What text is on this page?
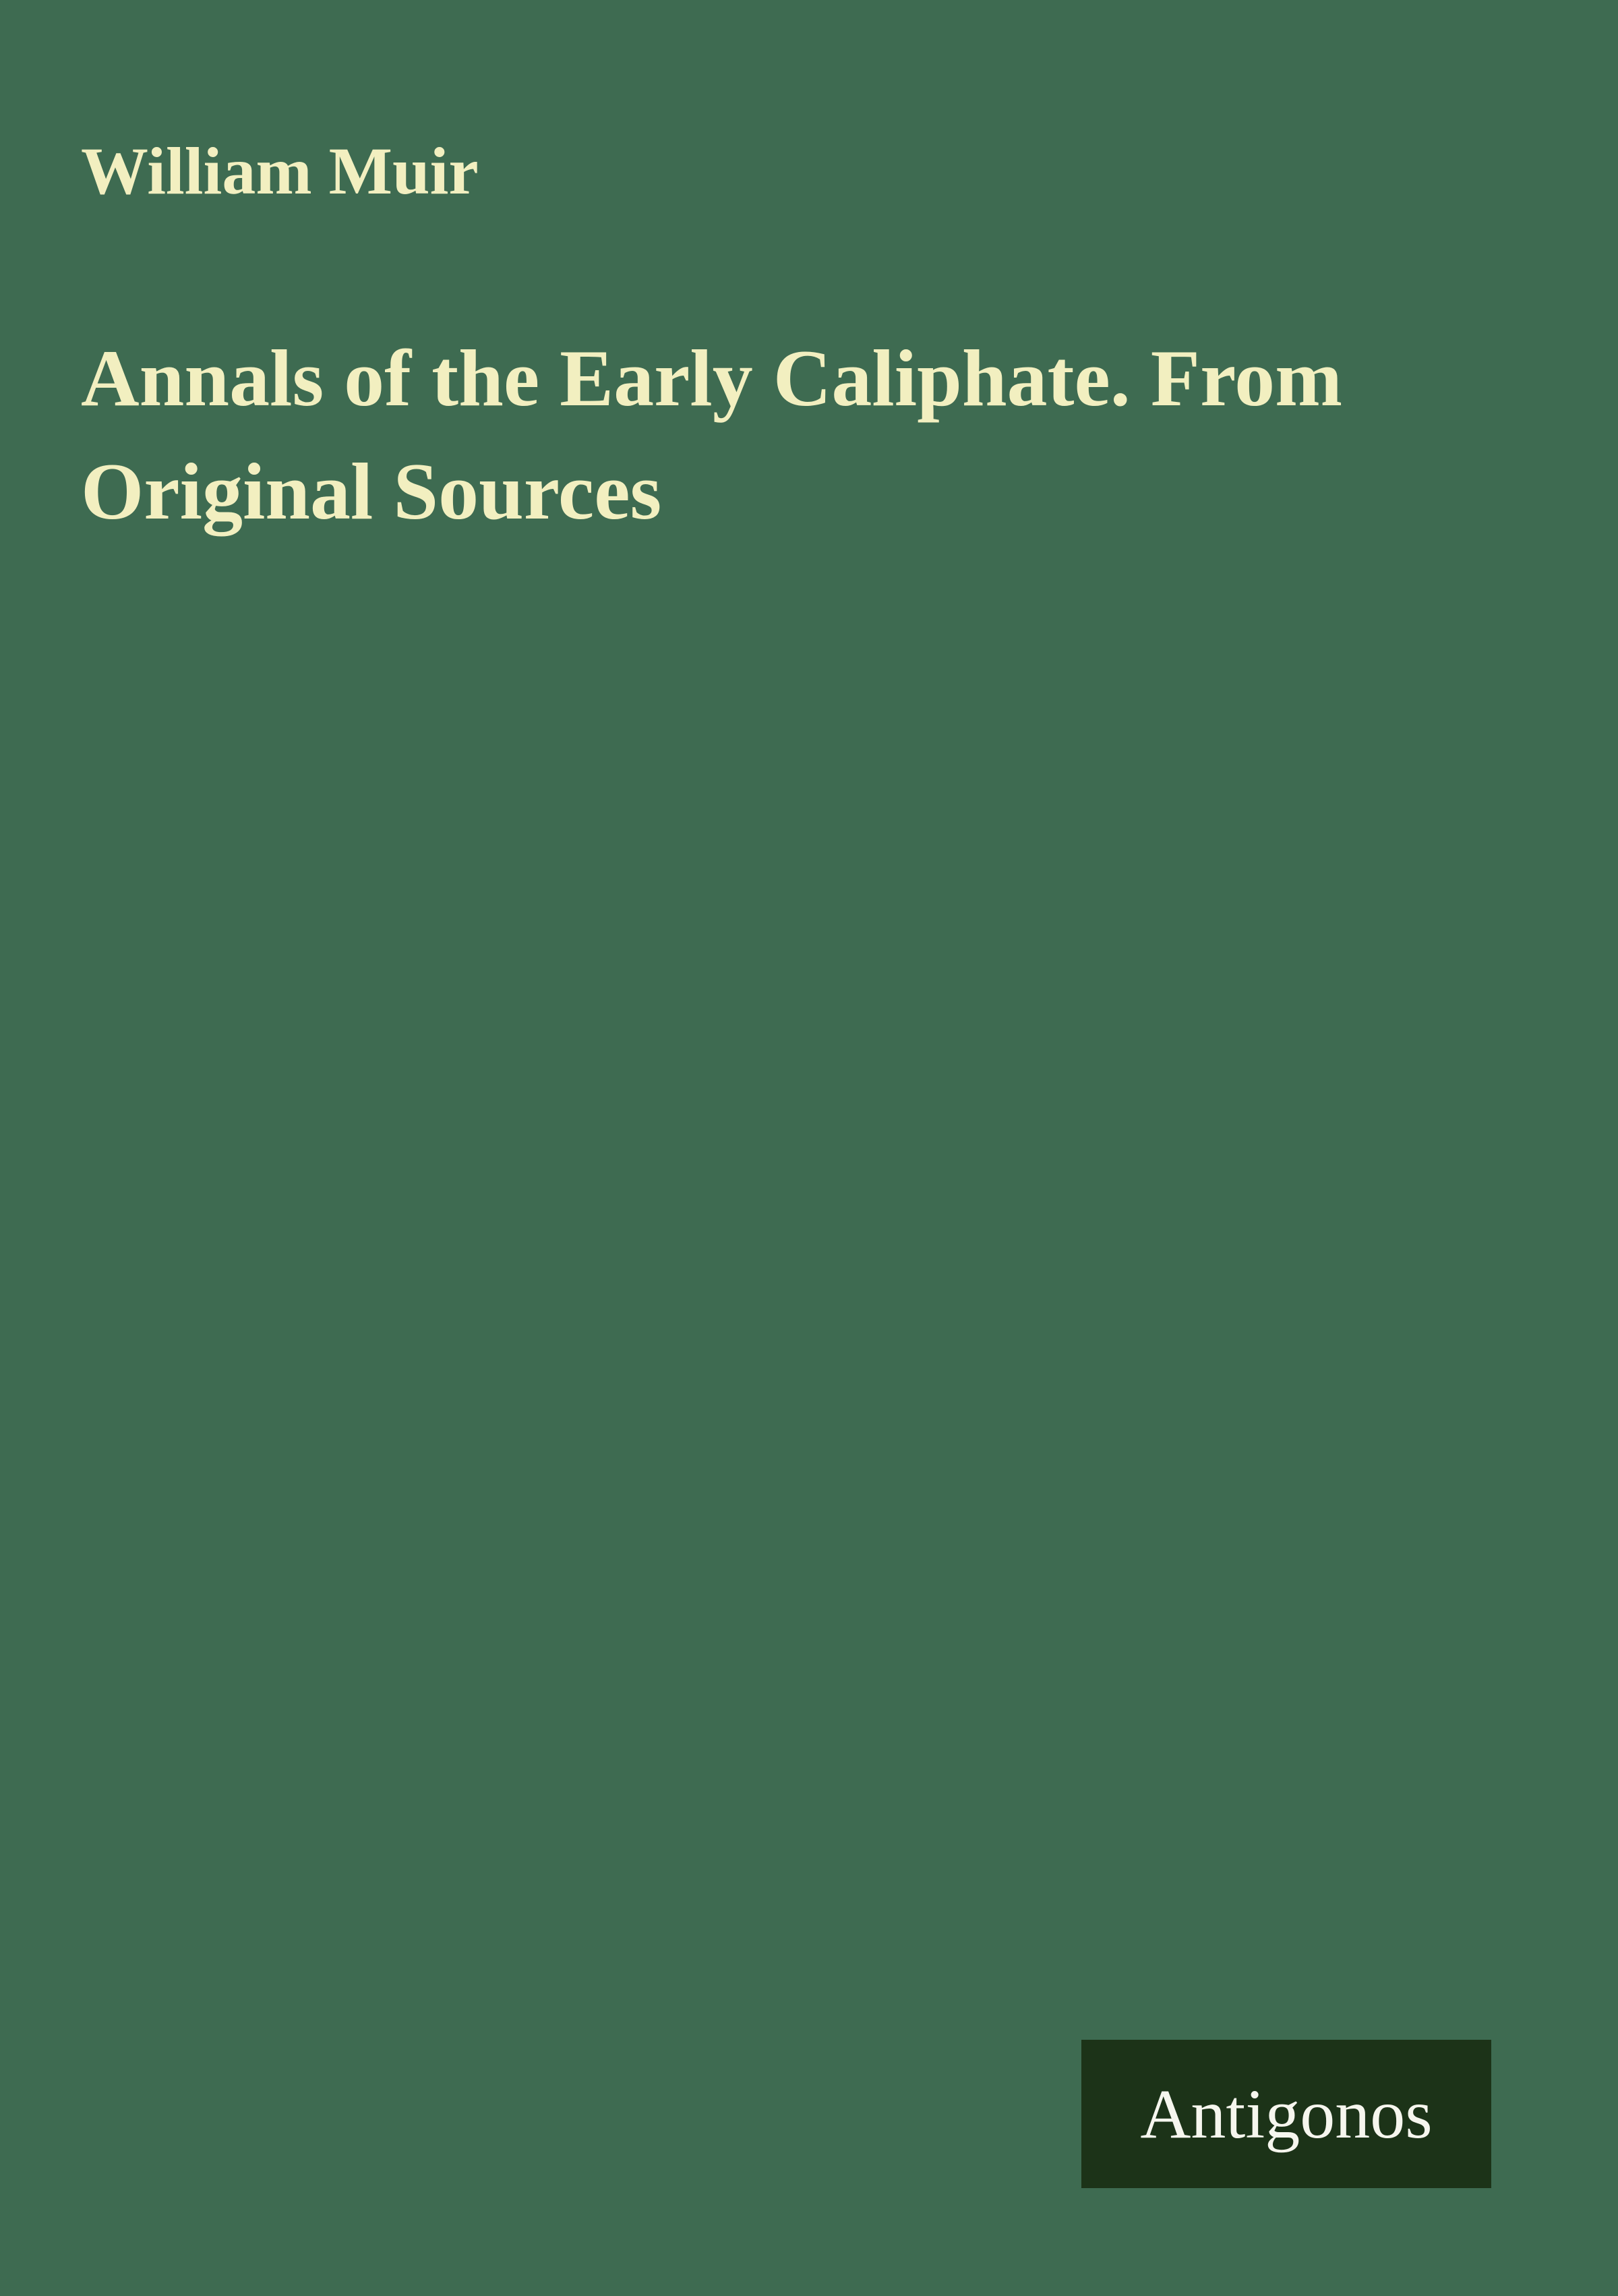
William Muir
Annals of the Early Caliphate. From
Original Sources
Antigonos
